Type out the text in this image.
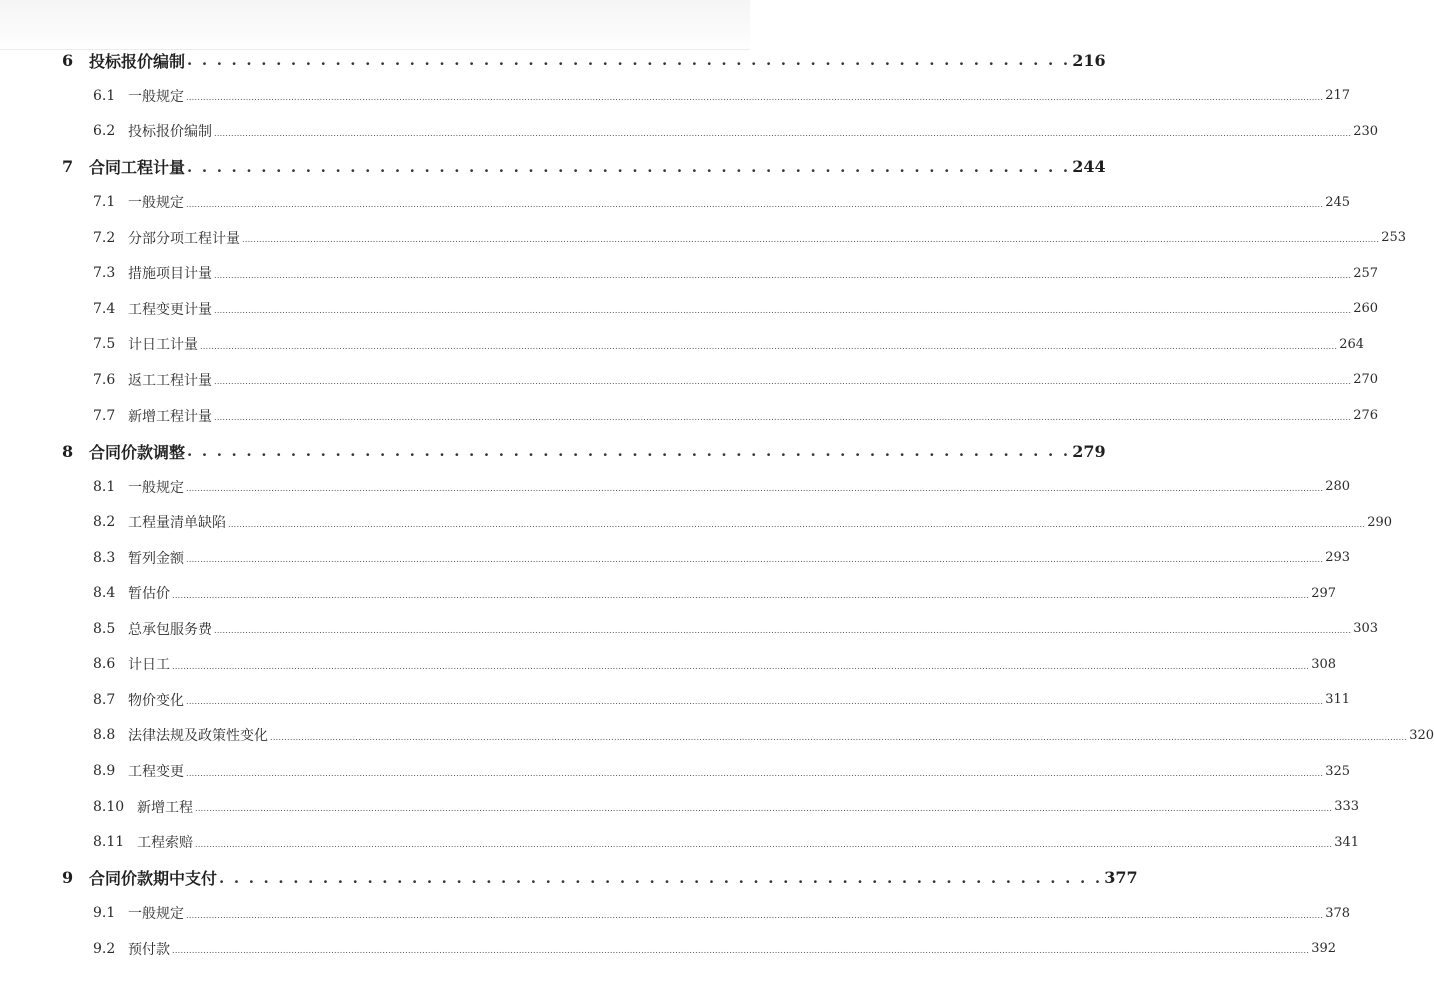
6 投标报价编制 . . . . . . . . . . . . . . . . . . . . . . . . . . . . . . . . . . . . . . . . . . . . . . . . . . . . . . . . . . . . 216
6.1 一般规定 ................................................................................................................................................................................................................................................................................................................................................................................................................ 217
6.2 投标报价编制 ................................................................................................................................................................................................................................................................................................................................................................................................................ 230
7 合同工程计量 . . . . . . . . . . . . . . . . . . . . . . . . . . . . . . . . . . . . . . . . . . . . . . . . . . . . . . . . . . . . 244
7.1 一般规定 ................................................................................................................................................................................................................................................................................................................................................................................................................ 245
7.2 分部分项工程计量 ................................................................................................................................................................................................................................................................................................................................................................................................................ 253
7.3 措施项目计量 ................................................................................................................................................................................................................................................................................................................................................................................................................ 257
7.4 工程变更计量 ................................................................................................................................................................................................................................................................................................................................................................................................................ 260
7.5 计日工计量 ................................................................................................................................................................................................................................................................................................................................................................................................................ 264
7.6 返工工程计量 ................................................................................................................................................................................................................................................................................................................................................................................................................ 270
7.7 新增工程计量 ................................................................................................................................................................................................................................................................................................................................................................................................................ 276
8 合同价款调整 . . . . . . . . . . . . . . . . . . . . . . . . . . . . . . . . . . . . . . . . . . . . . . . . . . . . . . . . . . . . 279
8.1 一般规定 ................................................................................................................................................................................................................................................................................................................................................................................................................ 280
8.2 工程量清单缺陷 ................................................................................................................................................................................................................................................................................................................................................................................................................ 290
8.3 暂列金额 ................................................................................................................................................................................................................................................................................................................................................................................................................ 293
8.4 暂估价 ................................................................................................................................................................................................................................................................................................................................................................................................................ 297
8.5 总承包服务费 ................................................................................................................................................................................................................................................................................................................................................................................................................ 303
8.6 计日工 ................................................................................................................................................................................................................................................................................................................................................................................................................ 308
8.7 物价变化 ................................................................................................................................................................................................................................................................................................................................................................................................................ 311
8.8 法律法规及政策性变化 ................................................................................................................................................................................................................................................................................................................................................................................................................ 320
8.9 工程变更 ................................................................................................................................................................................................................................................................................................................................................................................................................ 325
8.10 新增工程 ................................................................................................................................................................................................................................................................................................................................................................................................................ 333
8.11 工程索赔 ................................................................................................................................................................................................................................................................................................................................................................................................................ 341
9 合同价款期中支付 . . . . . . . . . . . . . . . . . . . . . . . . . . . . . . . . . . . . . . . . . . . . . . . . . . . . . . . . . . . . 377
9.1 一般规定 ................................................................................................................................................................................................................................................................................................................................................................................................................ 378
9.2 预付款 ................................................................................................................................................................................................................................................................................................................................................................................................................ 392
